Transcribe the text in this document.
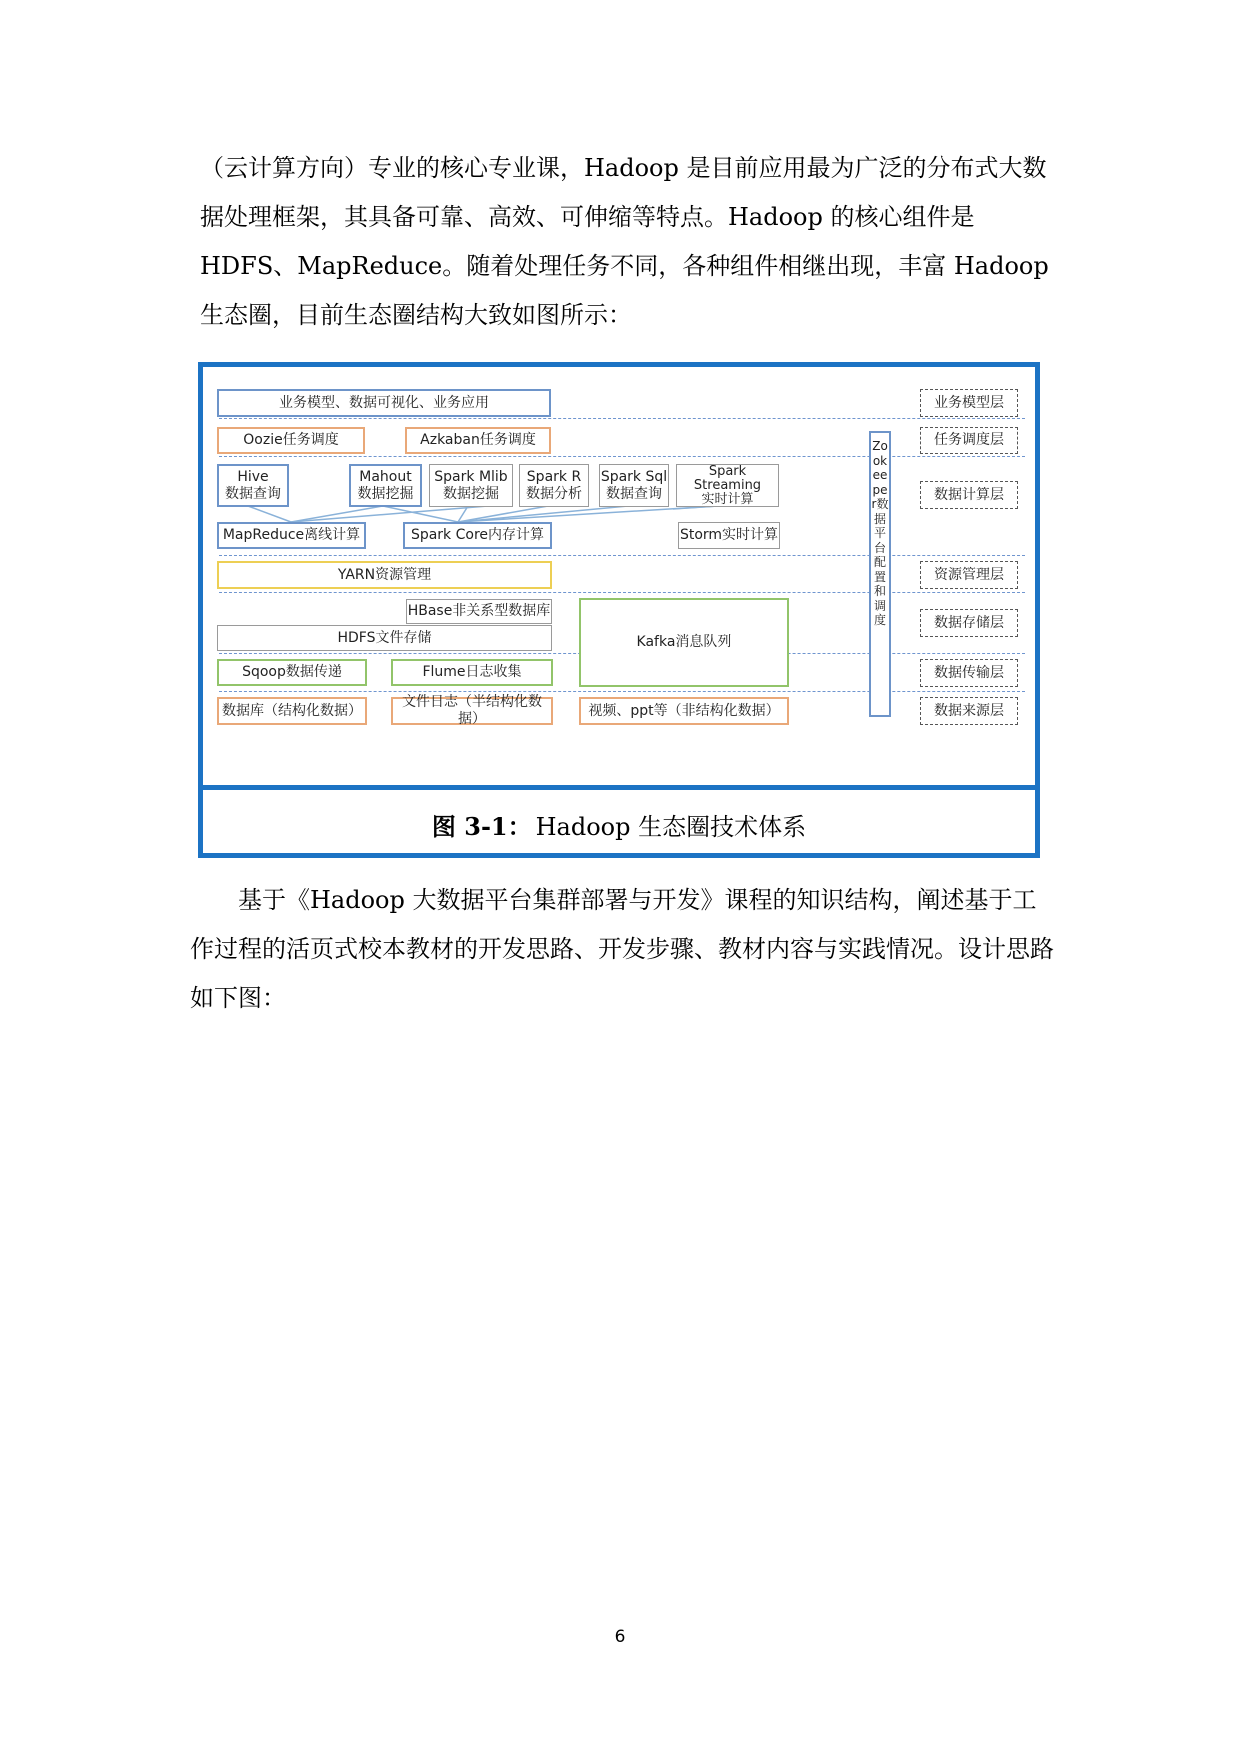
（云计算方向）专业的核心专业课，Hadoop 是目前应用最为广泛的分布式大数据处理框架，其具备可靠、高效、可伸缩等特点。Hadoop 的核心组件是 HDFS、MapReduce。随着处理任务不同，各种组件相继出现，丰富 Hadoop 生态圈，目前生态圈结构大致如图所示：

业务模型、数据可视化、业务应用
Oozie任务调度	Azkaban任务调度
Hive
数据查询
Mahout
数据挖掘
Spark Mlib
数据挖掘
Spark R
数据分析
Spark Sql
数据查询
Spark
Streaming
实时计算
MapReduce离线计算	Spark Core内存计算	Storm实时计算
YARN资源管理
HBase非关系型数据库
HDFS文件存储	Kafka消息队列
Sqoop数据传递	Flume日志收集
数据库（结构化数据）
文件日志（半结构化数据）
视频、ppt等（非结构化数据）
Zookeeper数据平台配置和调度
业务模型层
任务调度层
数据计算层
资源管理层
数据存储层
数据传输层
数据来源层
图 3-1： Hadoop 生态圈技术体系

基于《Hadoop 大数据平台集群部署与开发》课程的知识结构，阐述基于工作过程的活页式校本教材的开发思路、开发步骤、教材内容与实践情况。设计思路如下图：

6
